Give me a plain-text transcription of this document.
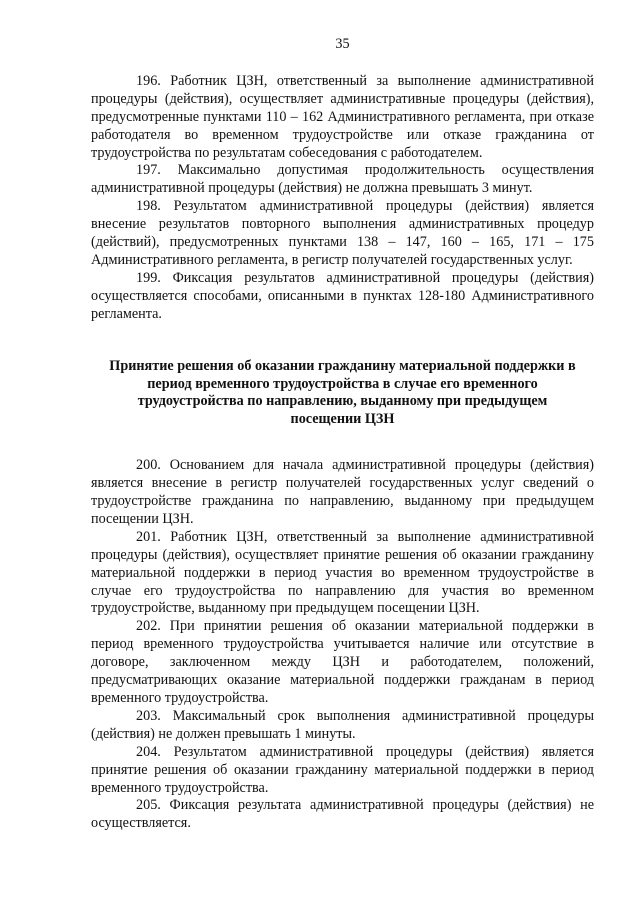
35

196. Работник ЦЗН, ответственный за выполнение административной процедуры (действия), осуществляет административные процедуры (действия), предусмотренные пунктами 110 – 162 Административного регламента, при отказе работодателя во временном трудоустройстве или отказе гражданина от трудоустройства по результатам собеседования с работодателем.

197. Максимально допустимая продолжительность осуществления административной процедуры (действия) не должна превышать 3 минут.

198. Результатом административной процедуры (действия) является внесение результатов повторного выполнения административных процедур (действий), предусмотренных пунктами 138 – 147, 160 – 165, 171 – 175 Административного регламента, в регистр получателей государственных услуг.

199. Фиксация результатов административной процедуры (действия) осуществляется способами, описанными в пунктах 128-180 Административного регламента.

Принятие решения об оказании гражданину материальной поддержки в период временного трудоустройства в случае его временного трудоустройства по направлению, выданному при предыдущем посещении ЦЗН

200. Основанием для начала административной процедуры (действия) является внесение в регистр получателей государственных услуг сведений о трудоустройстве гражданина по направлению, выданному при предыдущем посещении ЦЗН.

201. Работник ЦЗН, ответственный за выполнение административной процедуры (действия), осуществляет принятие решения об оказании гражданину материальной поддержки в период участия во временном трудоустройстве в случае его трудоустройства по направлению для участия во временном трудоустройстве, выданному при предыдущем посещении ЦЗН.

202. При принятии решения об оказании материальной поддержки в период временного трудоустройства учитывается наличие или отсутствие в договоре, заключенном между ЦЗН и работодателем, положений, предусматривающих оказание материальной поддержки гражданам в период временного трудоустройства.

203. Максимальный срок выполнения административной процедуры (действия) не должен превышать 1 минуты.

204. Результатом административной процедуры (действия) является принятие решения об оказании гражданину материальной поддержки в период временного трудоустройства.

205. Фиксация результата административной процедуры (действия) не осуществляется.
